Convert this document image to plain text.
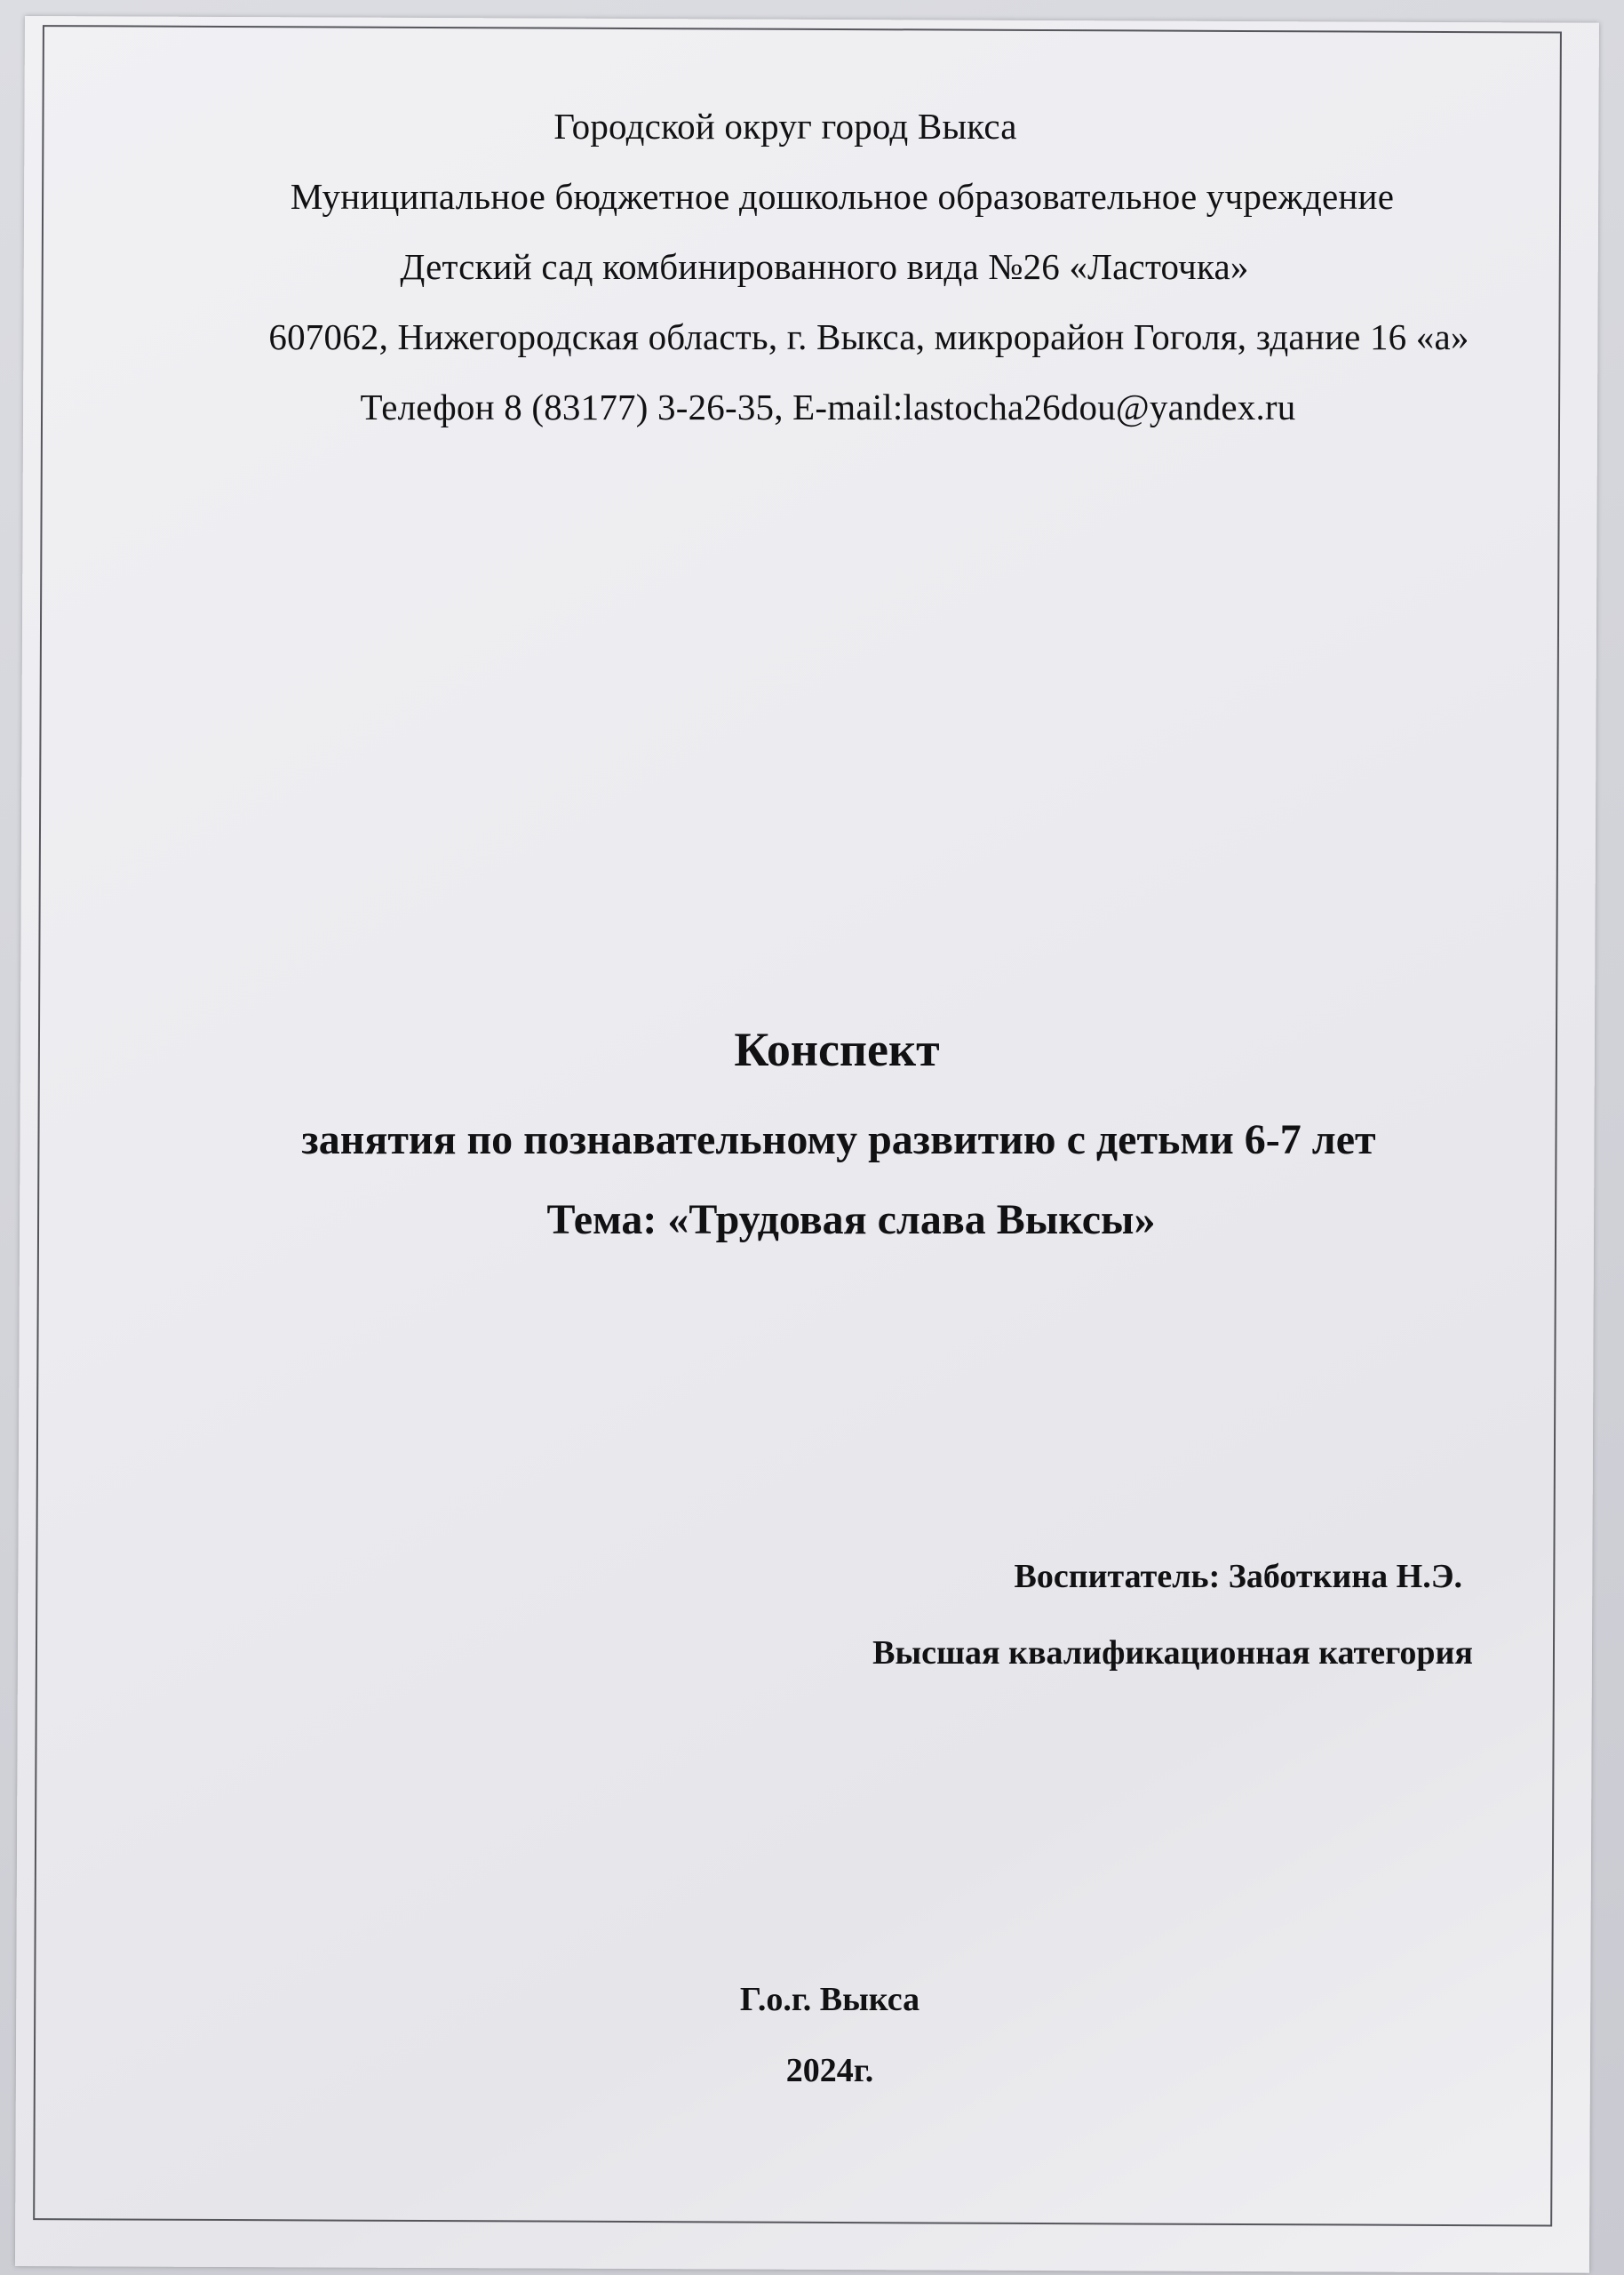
Городской округ город Выкса
Муниципальное бюджетное дошкольное образовательное учреждение
Детский сад комбинированного вида №26 «Ласточка»
607062, Нижегородская область, г. Выкса, микрорайон Гоголя, здание 16 «а»
Телефон 8 (83177) 3-26-35, E-mail:lastocha26dou@yandex.ru
Конспект
занятия по познавательному развитию с детьми 6-7 лет
Тема: «Трудовая слава Выксы»
Воспитатель: Заботкина Н.Э.
Высшая квалификационная категория
Г.о.г. Выкса
2024г.
